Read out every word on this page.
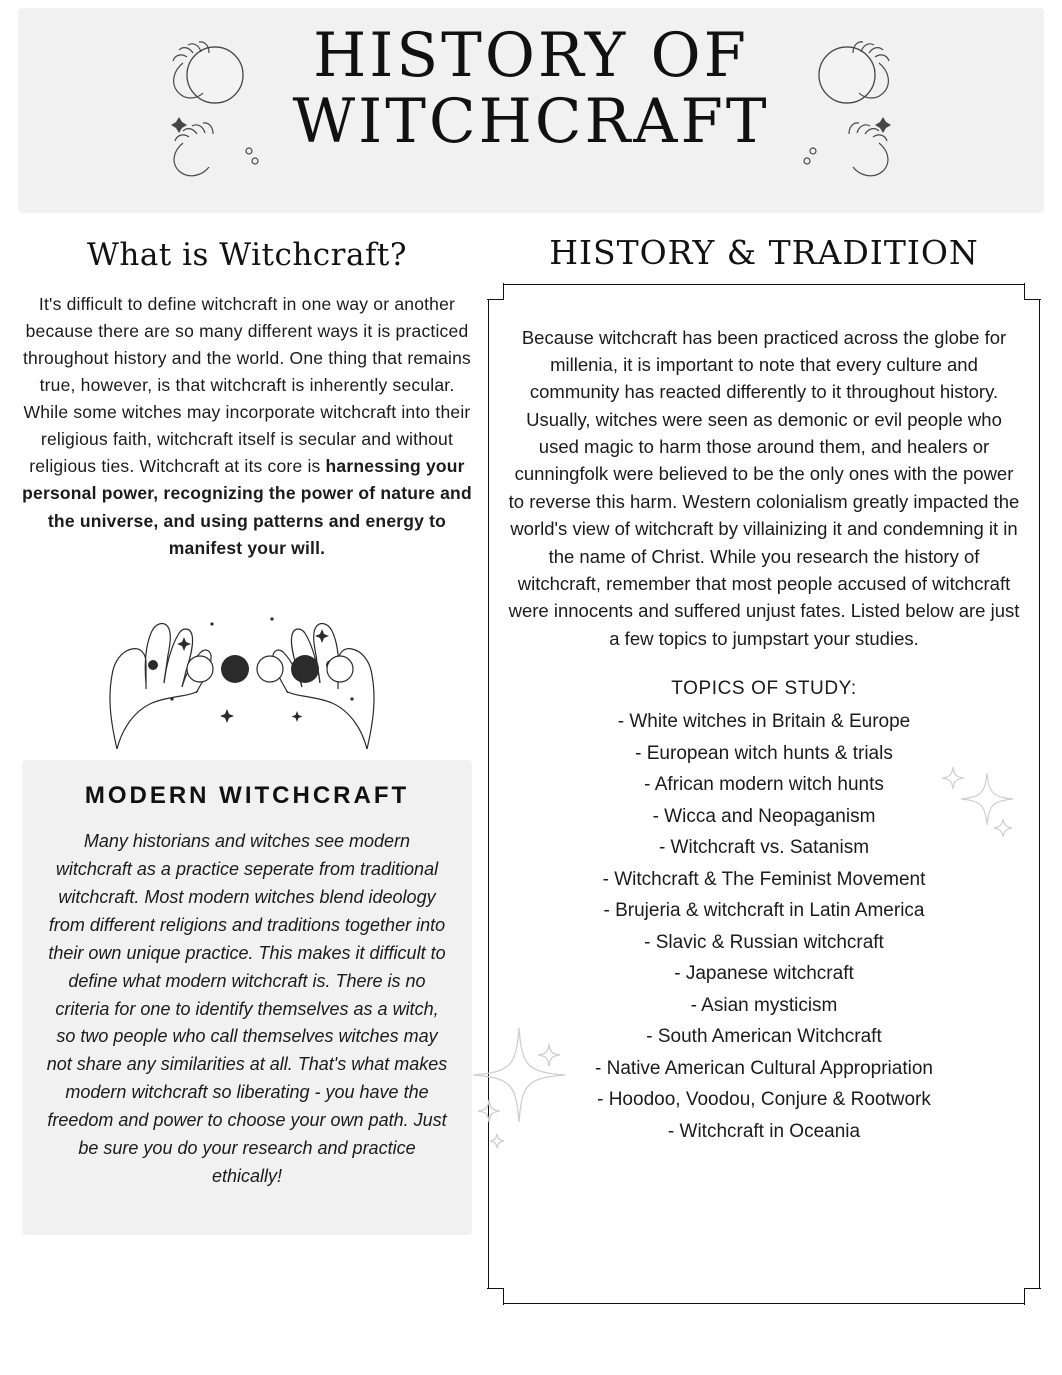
HISTORY OF
WITCHCRAFT
What is Witchcraft?

It's difficult to define witchcraft in one way or another because there are so many different ways it is practiced throughout history and the world. One thing that remains true, however, is that witchcraft is inherently secular. While some witches may incorporate witchcraft into their religious faith, witchcraft itself is secular and without religious ties. Witchcraft at its core is harnessing your personal power, recognizing the power of nature and the universe, and using patterns and energy to manifest your will.

MODERN WITCHCRAFT

Many historians and witches see modern witchcraft as a practice seperate from traditional witchcraft. Most modern witches blend ideology from different religions and traditions together into their own unique practice. This makes it difficult to define what modern witchcraft is. There is no criteria for one to identify themselves as a witch, so two people who call themselves witches may not share any similarities at all. That's what makes modern witchcraft so liberating - you have the freedom and power to choose your own path. Just be sure you do your research and practice ethically!

HISTORY & TRADITION

Because witchcraft has been practiced across the globe for millenia, it is important to note that every culture and community has reacted differently to it throughout history. Usually, witches were seen as demonic or evil people who used magic to harm those around them, and healers or cunningfolk were believed to be the only ones with the power to reverse this harm. Western colonialism greatly impacted the world's view of witchcraft by villainizing it and condemning it in the name of Christ. While you research the history of witchcraft, remember that most people accused of witchcraft were innocents and suffered unjust fates. Listed below are just a few topics to jumpstart your studies.

TOPICS OF STUDY:
- White witches in Britain & Europe
- European witch hunts & trials
- African modern witch hunts
- Wicca and Neopaganism
- Witchcraft vs. Satanism
- Witchcraft & The Feminist Movement
- Brujeria & witchcraft in Latin America
- Slavic & Russian witchcraft
- Japanese witchcraft
- Asian mysticism
- South American Witchcraft
- Native American Cultural Appropriation
- Hoodoo, Voodou, Conjure & Rootwork
- Witchcraft in Oceania
